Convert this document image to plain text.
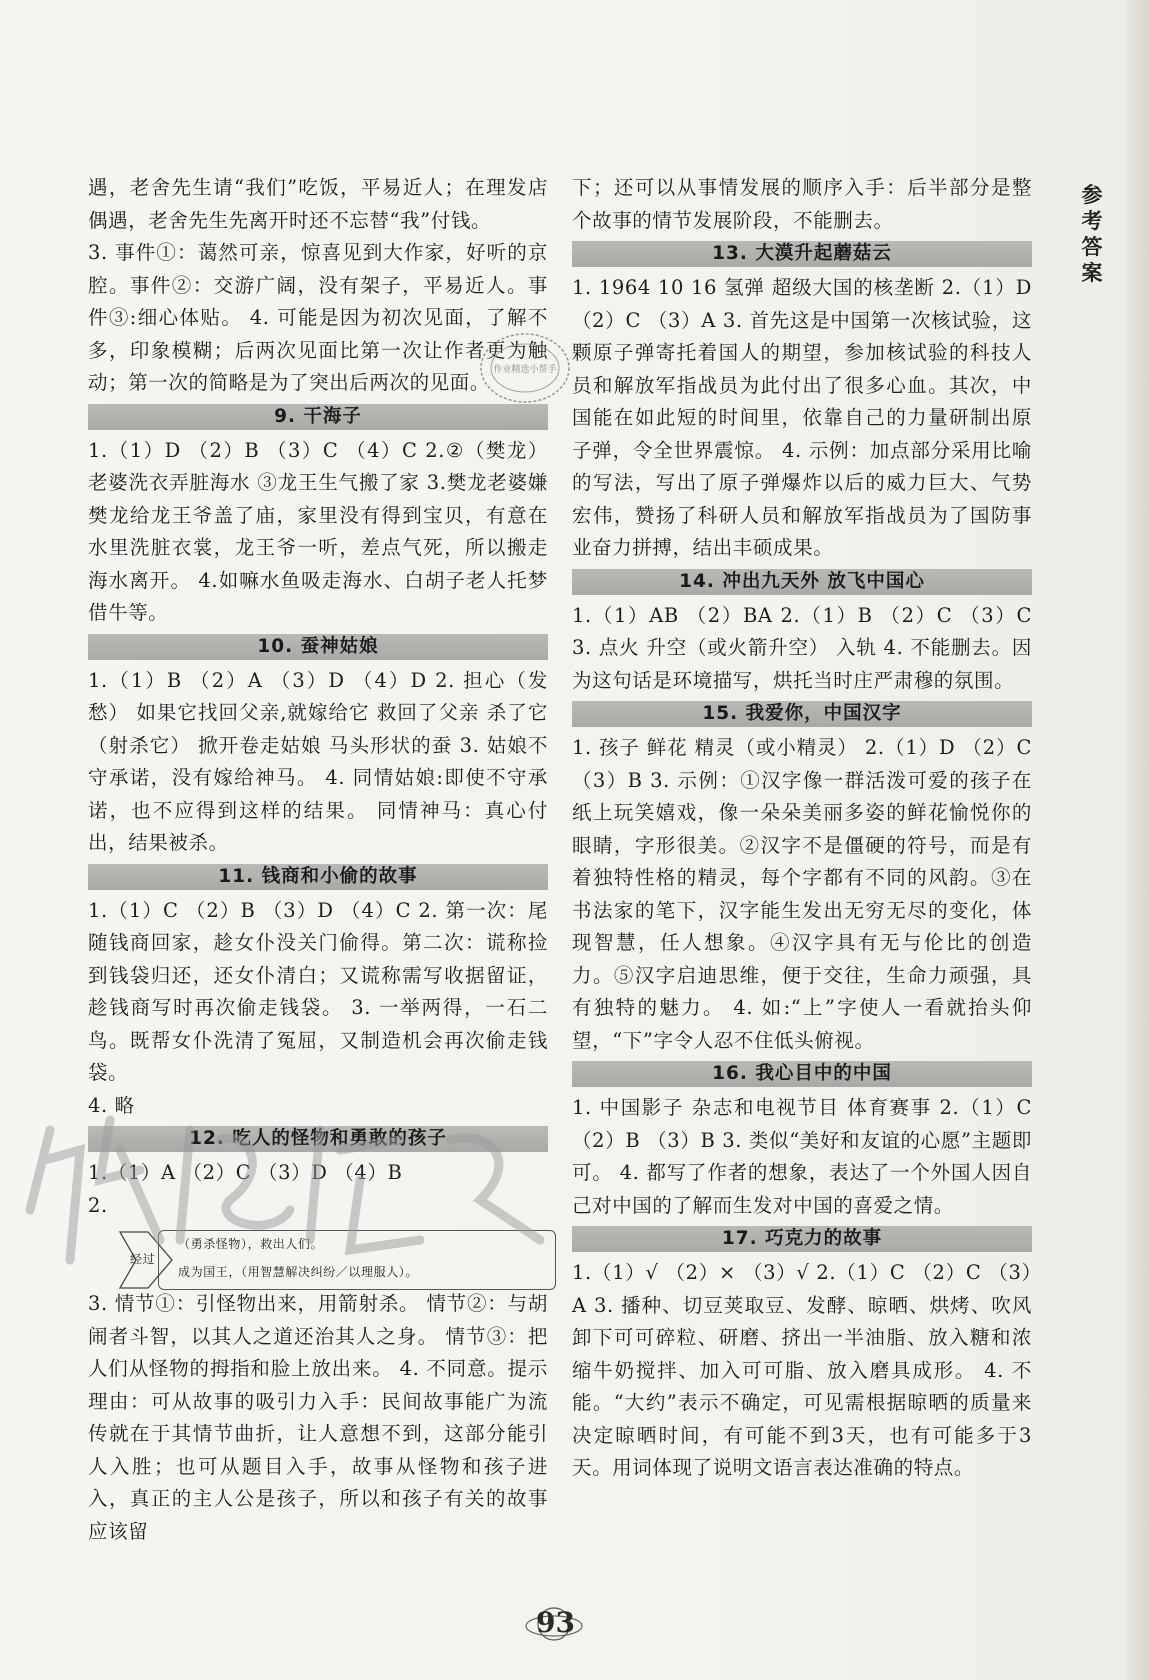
参考答案
遇，老舍先生请“我们”吃饭，平易近人；在理发店偶遇，老舍先生先离开时还不忘替“我”付钱。
3. 事件①：蔼然可亲，惊喜见到大作家，好听的京腔。事件②：交游广阔，没有架子，平易近人。事件③:细心体贴。 4. 可能是因为初次见面，了解不多，印象模糊；后两次见面比第一次让作者更为触动；第一次的简略是为了突出后两次的见面。
9. 干海子
1.（1）D （2）B （3）C （4）C 2.②（樊龙）老婆洗衣弄脏海水 ③龙王生气搬了家 3.樊龙老婆嫌樊龙给龙王爷盖了庙，家里没有得到宝贝，有意在水里洗脏衣裳，龙王爷一听，差点气死，所以搬走海水离开。 4.如嘛水鱼吸走海水、白胡子老人托梦借牛等。
10. 蚕神姑娘
1.（1）B （2）A （3）D （4）D 2. 担心（发愁） 如果它找回父亲,就嫁给它 救回了父亲 杀了它（射杀它） 掀开卷走姑娘 马头形状的蚕 3. 姑娘不守承诺，没有嫁给神马。 4. 同情姑娘:即使不守承诺，也不应得到这样的结果。 同情神马：真心付出，结果被杀。
11. 钱商和小偷的故事
1.（1）C （2）B （3）D （4）C 2. 第一次：尾随钱商回家，趁女仆没关门偷得。第二次：谎称捡到钱袋归还，还女仆清白；又谎称需写收据留证，趁钱商写时再次偷走钱袋。 3. 一举两得，一石二鸟。既帮女仆洗清了冤屈，又制造机会再次偷走钱袋。
4. 略
12. 吃人的怪物和勇敢的孩子
1.（1）A （2）C （3）D （4）B
2.
经过
（勇杀怪物），救出人们。
成为国王，（用智慧解决纠纷／以理服人）。
3. 情节①：引怪物出来，用箭射杀。 情节②：与胡闹者斗智，以其人之道还治其人之身。 情节③：把人们从怪物的拇指和脸上放出来。 4. 不同意。提示理由：可从故事的吸引力入手：民间故事能广为流传就在于其情节曲折，让人意想不到，这部分能引人入胜；也可从题目入手，故事从怪物和孩子进入，真正的主人公是孩子，所以和孩子有关的故事应该留
下；还可以从事情发展的顺序入手：后半部分是整个故事的情节发展阶段，不能删去。
13. 大漠升起蘑菇云
1. 1964 10 16 氢弹 超级大国的核垄断 2.（1）D （2）C （3）A 3. 首先这是中国第一次核试验，这颗原子弹寄托着国人的期望，参加核试验的科技人员和解放军指战员为此付出了很多心血。其次，中国能在如此短的时间里，依靠自己的力量研制出原子弹，令全世界震惊。 4. 示例：加点部分采用比喻的写法，写出了原子弹爆炸以后的威力巨大、气势宏伟，赞扬了科研人员和解放军指战员为了国防事业奋力拼搏，结出丰硕成果。
14. 冲出九天外 放飞中国心
1.（1）AB （2）BA 2.（1）B （2）C （3）C 3. 点火 升空（或火箭升空） 入轨 4. 不能删去。因为这句话是环境描写，烘托当时庄严肃穆的氛围。
15. 我爱你，中国汉字
1. 孩子 鲜花 精灵（或小精灵） 2.（1）D （2）C （3）B 3. 示例：①汉字像一群活泼可爱的孩子在纸上玩笑嬉戏，像一朵朵美丽多姿的鲜花愉悦你的眼睛，字形很美。②汉字不是僵硬的符号，而是有着独特性格的精灵，每个字都有不同的风韵。③在书法家的笔下，汉字能生发出无穷无尽的变化，体现智慧，任人想象。④汉字具有无与伦比的创造力。⑤汉字启迪思维，便于交往，生命力顽强，具有独特的魅力。 4. 如:“上”字使人一看就抬头仰望，“下”字令人忍不住低头俯视。
16. 我心目中的中国
1. 中国影子 杂志和电视节目 体育赛事 2.（1）C （2）B （3）B 3. 类似“美好和友谊的心愿”主题即可。 4. 都写了作者的想象，表达了一个外国人因自己对中国的了解而生发对中国的喜爱之情。
17. 巧克力的故事
1.（1）√ （2）× （3）√ 2.（1）C （2）C （3）A 3. 播种、切豆荚取豆、发酵、晾晒、烘烤、吹风卸下可可碎粒、研磨、挤出一半油脂、放入糖和浓缩牛奶搅拌、加入可可脂、放入磨具成形。 4. 不能。“大约”表示不确定，可见需根据晾晒的质量来决定晾晒时间，有可能不到3天，也有可能多于3天。用词体现了说明文语言表达准确的特点。
作业精选小帮手
93
